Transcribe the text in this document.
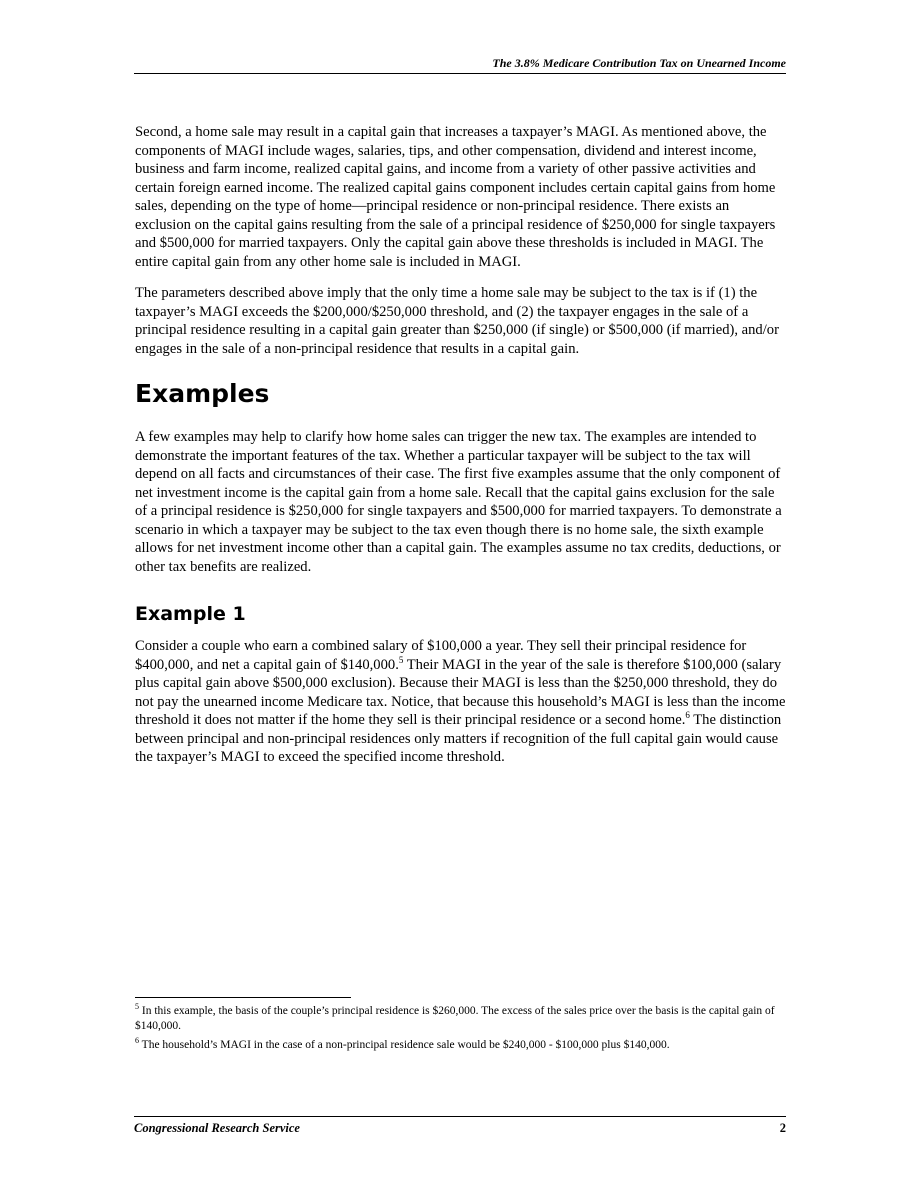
The 3.8% Medicare Contribution Tax on Unearned Income

Second, a home sale may result in a capital gain that increases a taxpayer’s MAGI. As mentioned above, the components of MAGI include wages, salaries, tips, and other compensation, dividend and interest income, business and farm income, realized capital gains, and income from a variety of other passive activities and certain foreign earned income. The realized capital gains component includes certain capital gains from home sales, depending on the type of home—principal residence or non-principal residence. There exists an exclusion on the capital gains resulting from the sale of a principal residence of $250,000 for single taxpayers and $500,000 for married taxpayers. Only the capital gain above these thresholds is included in MAGI. The entire capital gain from any other home sale is included in MAGI.

The parameters described above imply that the only time a home sale may be subject to the tax is if (1) the taxpayer’s MAGI exceeds the $200,000/$250,000 threshold, and (2) the taxpayer engages in the sale of a principal residence resulting in a capital gain greater than $250,000 (if single) or $500,000 (if married), and/or engages in the sale of a non-principal residence that results in a capital gain.

Examples

A few examples may help to clarify how home sales can trigger the new tax. The examples are intended to demonstrate the important features of the tax. Whether a particular taxpayer will be subject to the tax will depend on all facts and circumstances of their case. The first five examples assume that the only component of net investment income is the capital gain from a home sale. Recall that the capital gains exclusion for the sale of a principal residence is $250,000 for single taxpayers and $500,000 for married taxpayers. To demonstrate a scenario in which a taxpayer may be subject to the tax even though there is no home sale, the sixth example allows for net investment income other than a capital gain. The examples assume no tax credits, deductions, or other tax benefits are realized.

Example 1

Consider a couple who earn a combined salary of $100,000 a year. They sell their principal residence for $400,000, and net a capital gain of $140,000.$^5$ Their MAGI in the year of the sale is therefore $100,000 (salary plus capital gain above $500,000 exclusion). Because their MAGI is less than the $250,000 threshold, they do not pay the unearned income Medicare tax. Notice, that because this household’s MAGI is less than the income threshold it does not matter if the home they sell is their principal residence or a second home.$^6$ The distinction between principal and non-principal residences only matters if recognition of the full capital gain would cause the taxpayer’s MAGI to exceed the specified income threshold.

$^5$ In this example, the basis of the couple’s principal residence is $260,000. The excess of the sales price over the basis is the capital gain of $140,000.
$^6$ The household’s MAGI in the case of a non-principal residence sale would be $240,000 - $100,000 plus $140,000.
Congressional Research Service	2
